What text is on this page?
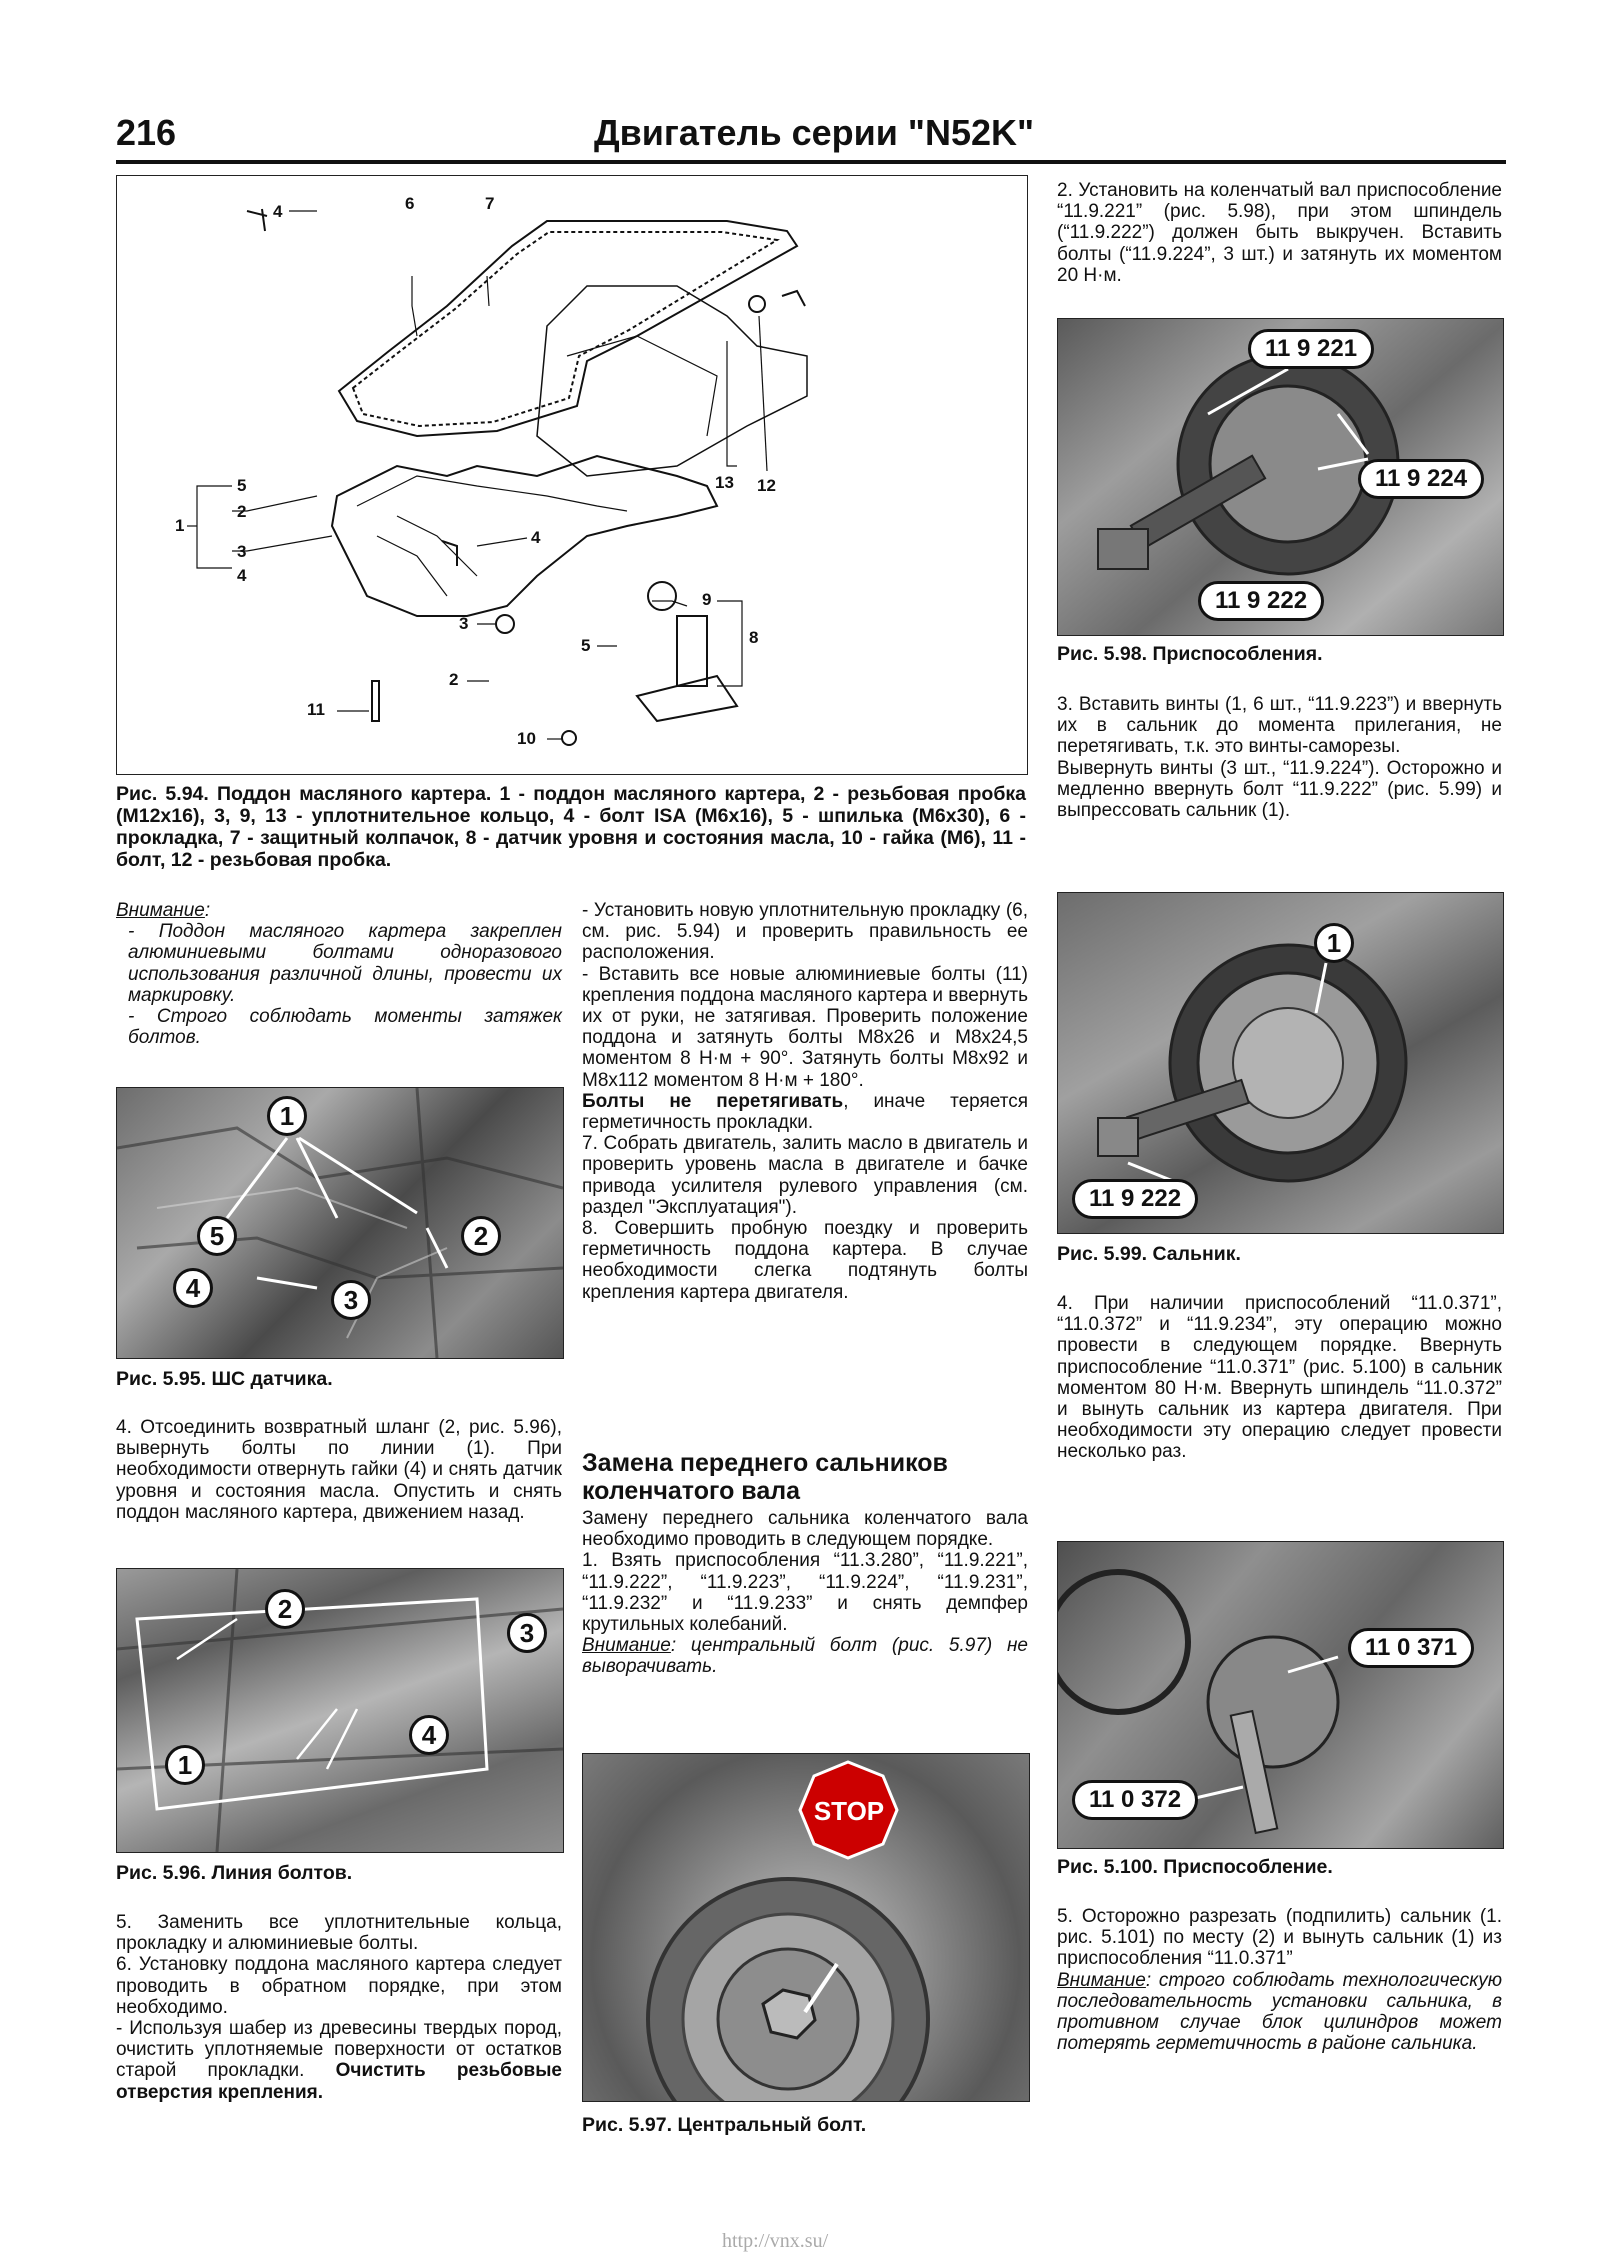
216	Двигатель серии "N52K"
6	7
4
5
2
1
3
4
13 12
4
9
8
3
5
2
11
10
Рис. 5.94. Поддон масляного картера. 1 - поддон масляного картера, 2 - резьбовая пробка (M12x16), 3, 9, 13 - уплотнительное кольцо, 4 - болт ISA (M6x16), 5 - шпилька (M6x30), 6 - прокладка, 7 - защитный колпачок, 8 - датчик уровня и состояния масла, 10 - гайка (M6), 11 - болт, 12 - резьбовая пробка.

Внимание:

- Поддон масляного картера закреплен алюминиевыми болтами одноразового использования различной длины, провести их маркировку.

- Строго соблюдать моменты затяжек болтов.

1
5	2
4	3
Рис. 5.95. ШС датчика.
4. Отсоединить возвратный шланг (2, рис. 5.96), вывернуть болты по линии (1). При необходимости отвернуть гайки (4) и снять датчик уровня и состояния масла. Опустить и снять поддон масляного картера, движением назад.
2
3
4
1
Рис. 5.96. Линия болтов.

5. Заменить все уплотнительные кольца, прокладку и алюминиевые болты.

6. Установку поддона масляного картера следует проводить в обратном порядке, при этом необходимо.

- Используя шабер из древесины твердых пород, очистить уплотняемые поверхности от остатков старой прокладки. Очистить резьбовые отверстия крепления.

- Установить новую уплотнительную прокладку (6, см. рис. 5.94) и проверить правильность ее расположения.

- Вставить все новые алюминиевые болты (11) крепления поддона масляного картера и ввернуть их от руки, не затягивая. Проверить положение поддона и затянуть болты M8x26 и M8x24,5 моментом 8 Н·м + 90°. Затянуть болты M8x92 и M8x112 моментом 8 Н·м + 180°.

Болты не перетягивать, иначе теряется герметичность прокладки.

7. Собрать двигатель, залить масло в двигатель и проверить уровень масла в двигателе и бачке привода усилителя рулевого управления (см. раздел "Эксплуатация").

8. Совершить пробную поездку и проверить герметичность поддона картера. В случае необходимости слегка подтянуть болты крепления картера двигателя.

Замена переднего сальников коленчатого вала

Замену переднего сальника коленчатого вала необходимо проводить в следующем порядке.

1. Взять приспособления “11.3.280”, “11.9.221”, “11.9.222”, “11.9.223”, “11.9.224”, “11.9.231”, “11.9.232” и “11.9.233” и снять демпфер крутильных колебаний.

Внимание: центральный болт (рис. 5.97) не выворачивать.

STOP
Рис. 5.97. Центральный болт.
2. Установить на коленчатый вал приспособление “11.9.221” (рис. 5.98), при этом шпиндель (“11.9.222”) должен быть выкручен. Вставить болты (“11.9.224”, 3 шт.) и затянуть их моментом 20 Н·м.
11 9 221
11 9 224
11 9 222
Рис. 5.98. Приспособления.

3. Вставить винты (1, 6 шт., “11.9.223”) и ввернуть их в сальник до момента прилегания, не перетягивать, т.к. это винты-саморезы.

Вывернуть винты (3 шт., “11.9.224”). Осторожно и медленно ввернуть болт “11.9.222” (рис. 5.99) и выпрессовать сальник (1).

1
11 9 222
Рис. 5.99. Сальник.
4. При наличии приспособлений “11.0.371”, “11.0.372” и “11.9.234”, эту операцию можно провести в следующем порядке. Ввернуть приспособление “11.0.371” (рис. 5.100) в сальник моментом 80 Н·м. Ввернуть шпиндель “11.0.372” и вынуть сальник из картера двигателя. При необходимости эту операцию следует провести несколько раз.
11 0 371
11 0 372
Рис. 5.100. Приспособление.

5. Осторожно разрезать (подпилить) сальник (1. рис. 5.101) по месту (2) и вынуть сальник (1) из приспособления “11.0.371”

Внимание: строго соблюдать технологическую последовательность установки сальника, в противном случае блок цилиндров может потерять герметичность в районе сальника.

http://vnx.su/
